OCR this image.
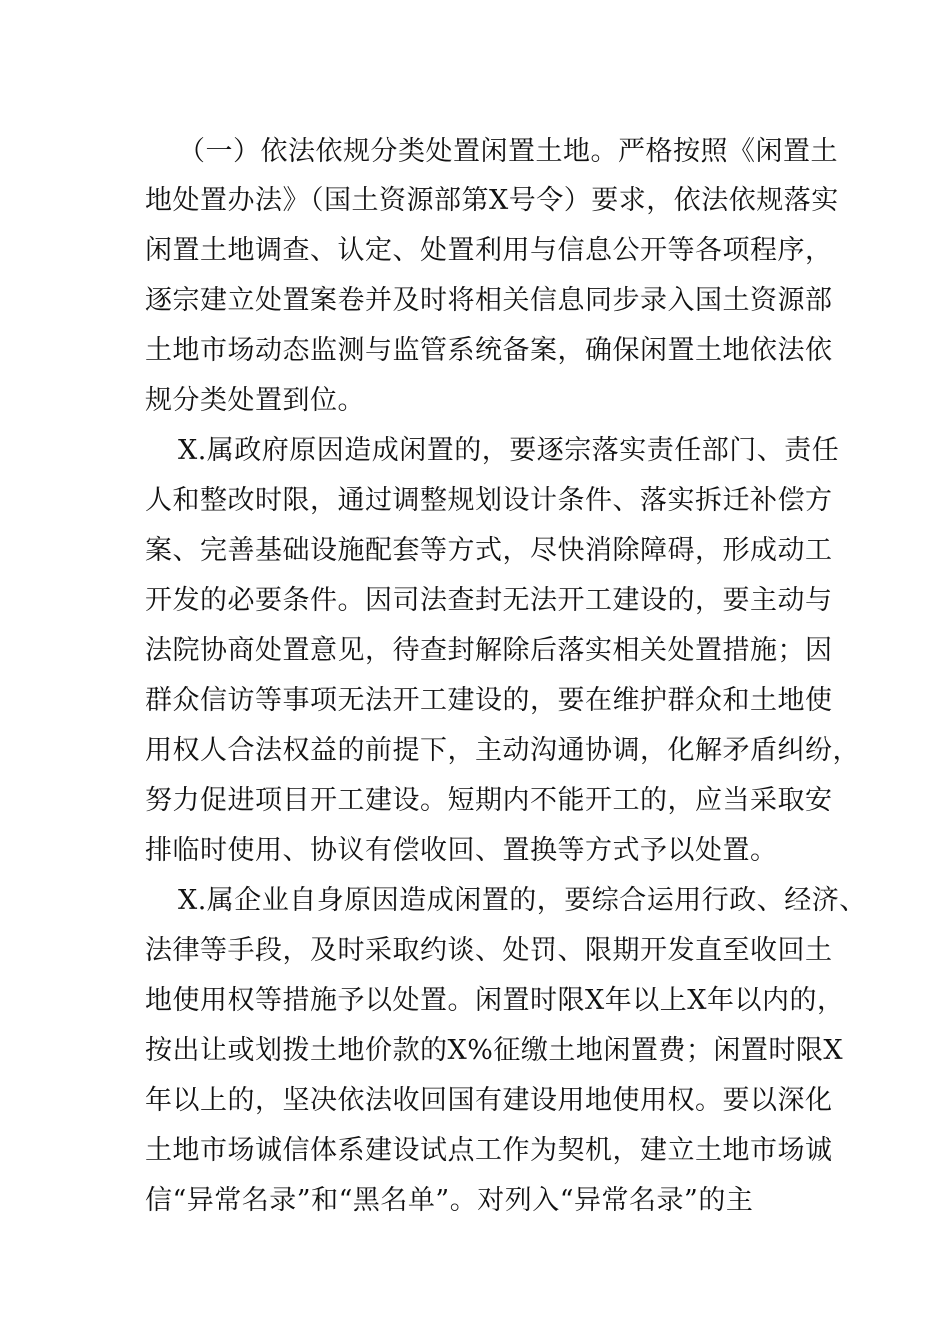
（一）依法依规分类处置闲置土地。严格按照《闲置土
地处置办法》（国土资源部第X号令）要求，依法依规落实
闲置土地调查、认定、处置利用与信息公开等各项程序，
逐宗建立处置案卷并及时将相关信息同步录入国土资源部
土地市场动态监测与监管系统备案，确保闲置土地依法依
规分类处置到位。
X.属政府原因造成闲置的，要逐宗落实责任部门、责任
人和整改时限，通过调整规划设计条件、落实拆迁补偿方
案、完善基础设施配套等方式，尽快消除障碍，形成动工
开发的必要条件。因司法查封无法开工建设的，要主动与
法院协商处置意见，待查封解除后落实相关处置措施；因
群众信访等事项无法开工建设的，要在维护群众和土地使
用权人合法权益的前提下，主动沟通协调，化解矛盾纠纷，
努力促进项目开工建设。短期内不能开工的，应当采取安
排临时使用、协议有偿收回、置换等方式予以处置。
X.属企业自身原因造成闲置的，要综合运用行政、经济、
法律等手段，及时采取约谈、处罚、限期开发直至收回土
地使用权等措施予以处置。闲置时限X年以上X年以内的，
按出让或划拨土地价款的X%征缴土地闲置费；闲置时限X
年以上的，坚决依法收回国有建设用地使用权。要以深化
土地市场诚信体系建设试点工作为契机，建立土地市场诚
信“异常名录”和“黑名单”。对列入“异常名录”的主
